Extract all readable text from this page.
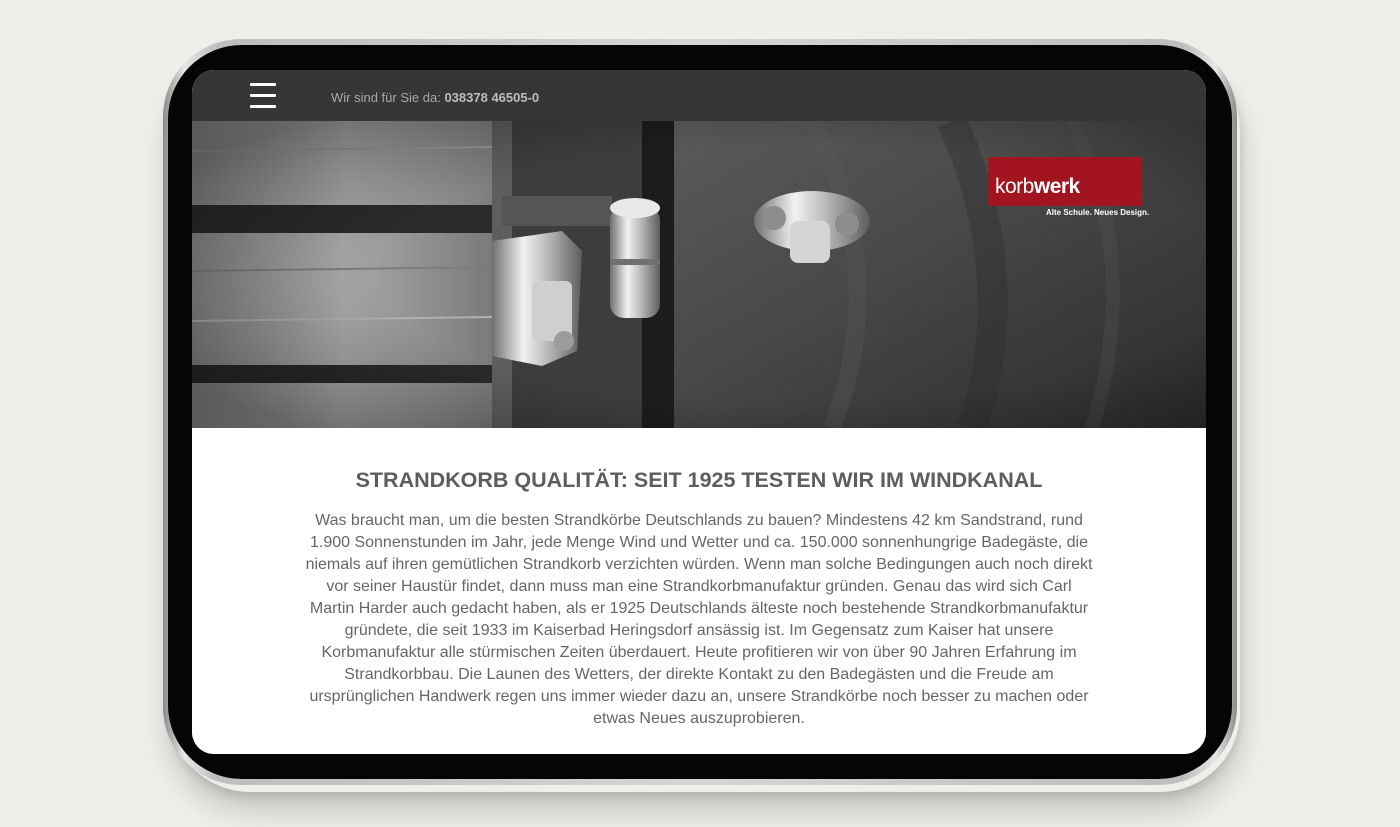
Wir sind für Sie da: 038378 46505-0
korbwerk
Alte Schule. Neues Design.
STRANDKORB QUALITÄT: SEIT 1925 TESTEN WIR IM WINDKANAL

Was braucht man, um die besten Strandkörbe Deutschlands zu bauen? Mindestens 42 km Sandstrand, rund 1.900 Sonnenstunden im Jahr, jede Menge Wind und Wetter und ca. 150.000 sonnenhungrige Badegäste, die niemals auf ihren gemütlichen Strandkorb verzichten würden. Wenn man solche Bedingungen auch noch direkt vor seiner Haustür findet, dann muss man eine Strandkorbmanufaktur gründen. Genau das wird sich Carl Martin Harder auch gedacht haben, als er 1925 Deutschlands älteste noch bestehende Strandkorbmanufaktur gründete, die seit 1933 im Kaiserbad Heringsdorf ansässig ist. Im Gegensatz zum Kaiser hat unsere Korbmanufaktur alle stürmischen Zeiten überdauert. Heute profitieren wir von über 90 Jahren Erfahrung im Strandkorbbau. Die Launen des Wetters, der direkte Kontakt zu den Badegästen und die Freude am ursprünglichen Handwerk regen uns immer wieder dazu an, unsere Strandkörbe noch besser zu machen oder etwas Neues auszuprobieren.
